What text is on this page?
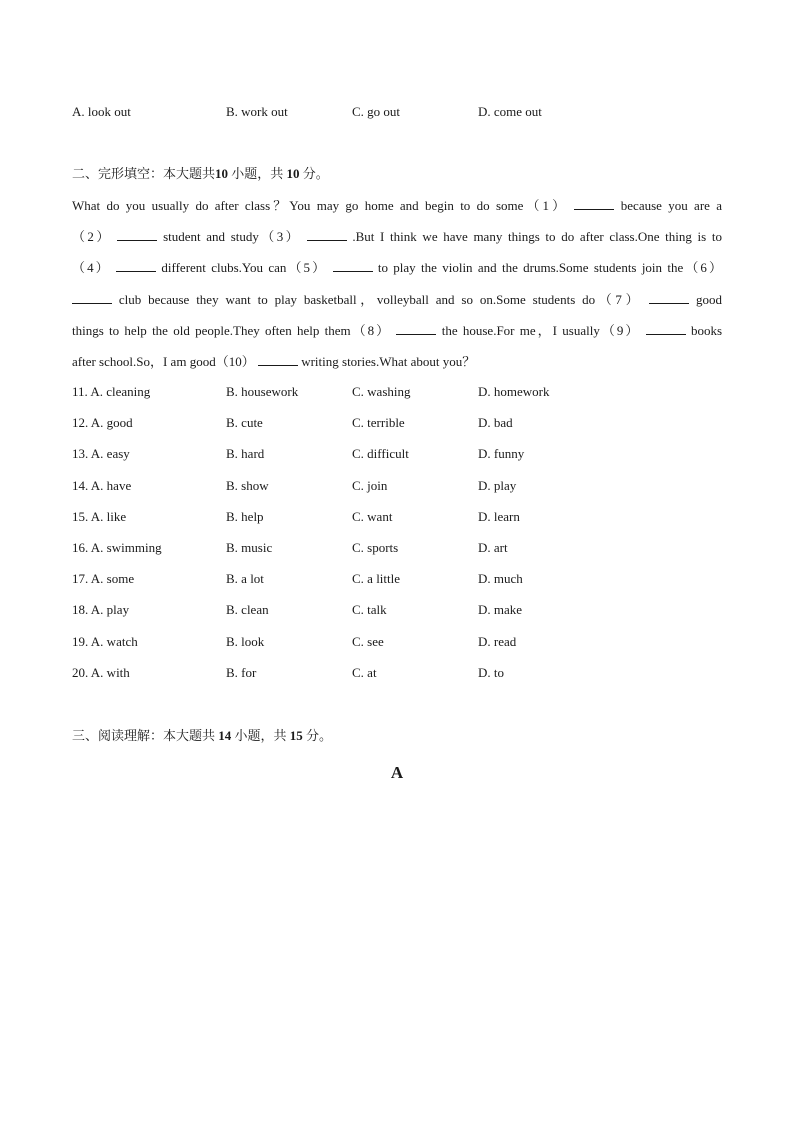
A. look out	B. work out	C. go out	D. come out
二、完形填空：本大题共10 小题，共 10 分。
What do you usually do after class？You may go home and begin to do some（1）	because you are a
（2）	student and study（3）	.But I think we have many things to do after class.One thing is to
（4）	different clubs.You can（5）	to play the violin and the drums.Some students join the（6）
club because they want to play basketball，volleyball and so on.Some students do（7）	good
things to help the old people.They often help them（8）	the house.For me，I usually（9）	books
after school.So，I am good（10）	writing stories.What about you？
11. A. cleaning	B. housework	C. washing	D. homework
12. A. good	B. cute	C. terrible	D. bad
13. A. easy	B. hard	C. difficult	D. funny
14. A. have	B. show	C. join	D. play
15. A. like	B. help	C. want	D. learn
16. A. swimming	B. music	C. sports	D. art
17. A. some	B. a lot	C. a little	D. much
18. A. play	B. clean	C. talk	D. make
19. A. watch	B. look	C. see	D. read
20. A. with	B. for	C. at	D. to
三、阅读理解：本大题共 14 小题，共 15 分。
A
